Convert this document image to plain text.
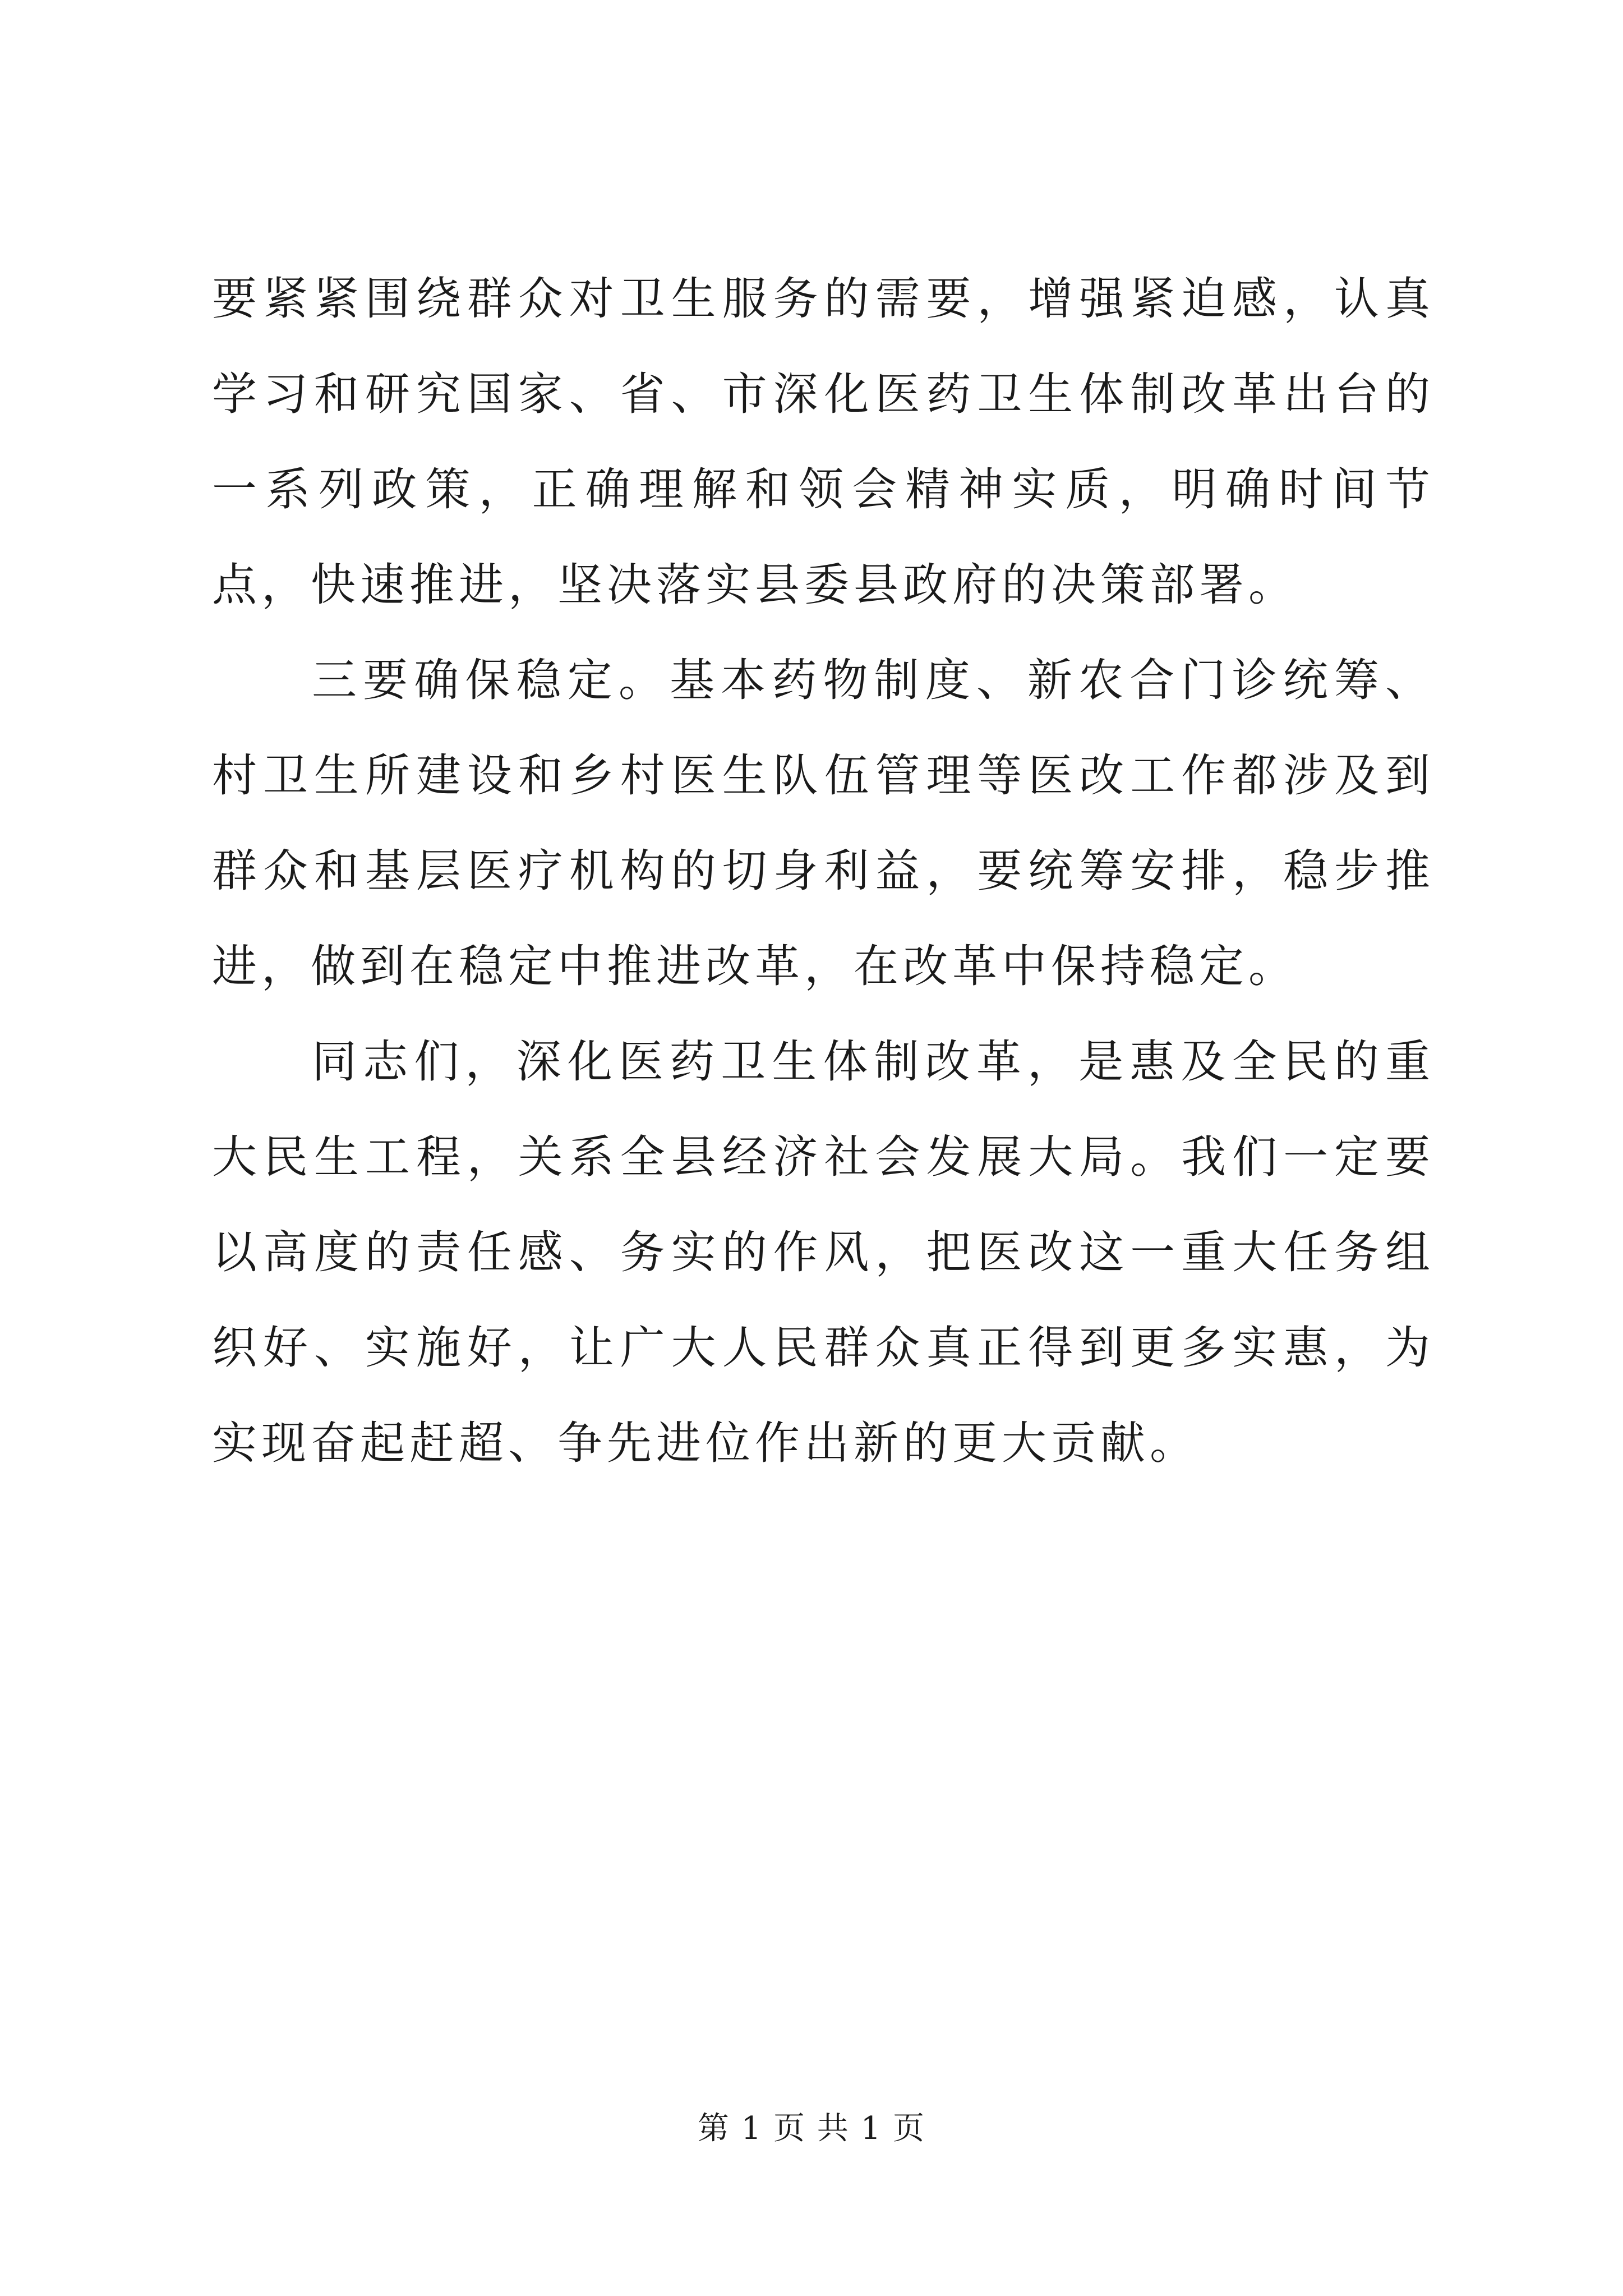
要紧紧围绕群众对卫生服务的需要，增强紧迫感，认真学习和研究国家、省、市深化医药卫生体制改革出台的一系列政策，正确理解和领会精神实质，明确时间节点，快速推进，坚决落实县委县政府的决策部署。

三要确保稳定。基本药物制度、新农合门诊统筹、村卫生所建设和乡村医生队伍管理等医改工作都涉及到群众和基层医疗机构的切身利益，要统筹安排，稳步推进，做到在稳定中推进改革，在改革中保持稳定。

同志们，深化医药卫生体制改革，是惠及全民的重大民生工程，关系全县经济社会发展大局。我们一定要以高度的责任感、务实的作风，把医改这一重大任务组织好、实施好，让广大人民群众真正得到更多实惠，为实现奋起赶超、争先进位作出新的更大贡献。

第 1 页 共 1 页
